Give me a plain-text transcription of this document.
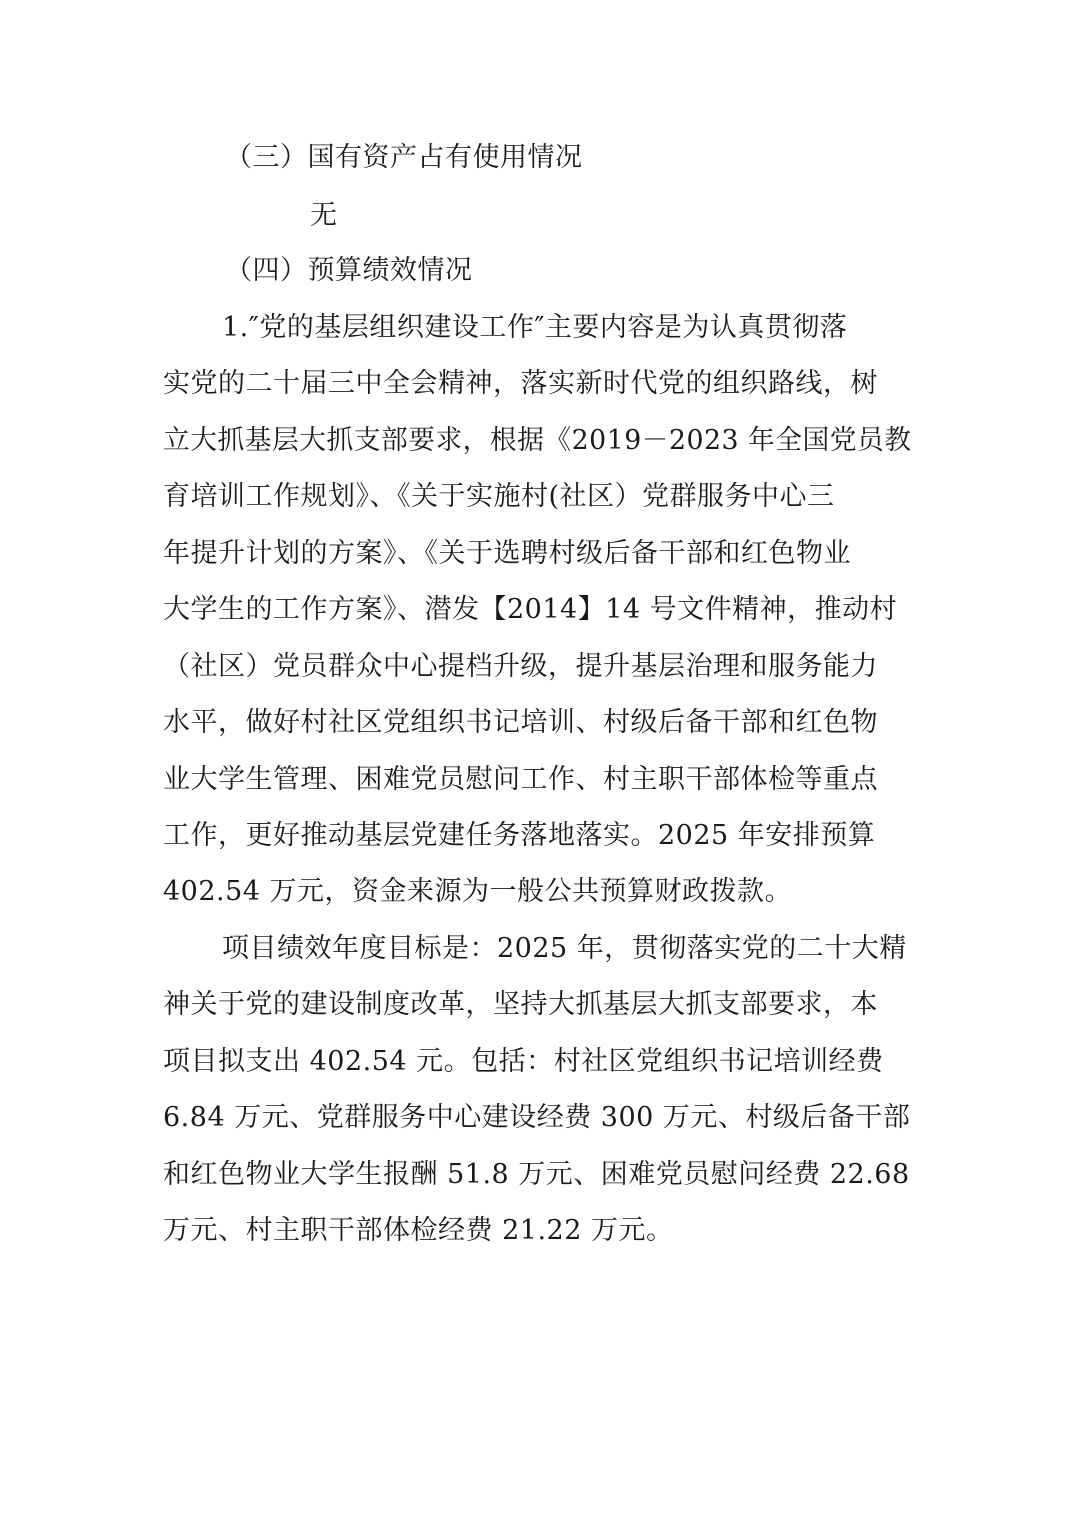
（三）国有资产占有使用情况
无
（四）预算绩效情况
1.″党的基层组织建设工作″主要内容是为认真贯彻落
实党的二十届三中全会精神，落实新时代党的组织路线，树
立大抓基层大抓支部要求，根据《2019－2023 年全国党员教
育培训工作规划》、《关于实施村(社区）党群服务中心三
年提升计划的方案》、《关于选聘村级后备干部和红色物业
大学生的工作方案》、潜发【2014】14 号文件精神，推动村
（社区）党员群众中心提档升级，提升基层治理和服务能力
水平，做好村社区党组织书记培训、村级后备干部和红色物
业大学生管理、困难党员慰问工作、村主职干部体检等重点
工作，更好推动基层党建任务落地落实。2025 年安排预算
402.54 万元，资金来源为一般公共预算财政拨款。
项目绩效年度目标是：2025 年，贯彻落实党的二十大精
神关于党的建设制度改革，坚持大抓基层大抓支部要求，本
项目拟支出 402.54 元。包括：村社区党组织书记培训经费
6.84 万元、党群服务中心建设经费 300 万元、村级后备干部
和红色物业大学生报酬 51.8 万元、困难党员慰问经费 22.68
万元、村主职干部体检经费 21.22 万元。
